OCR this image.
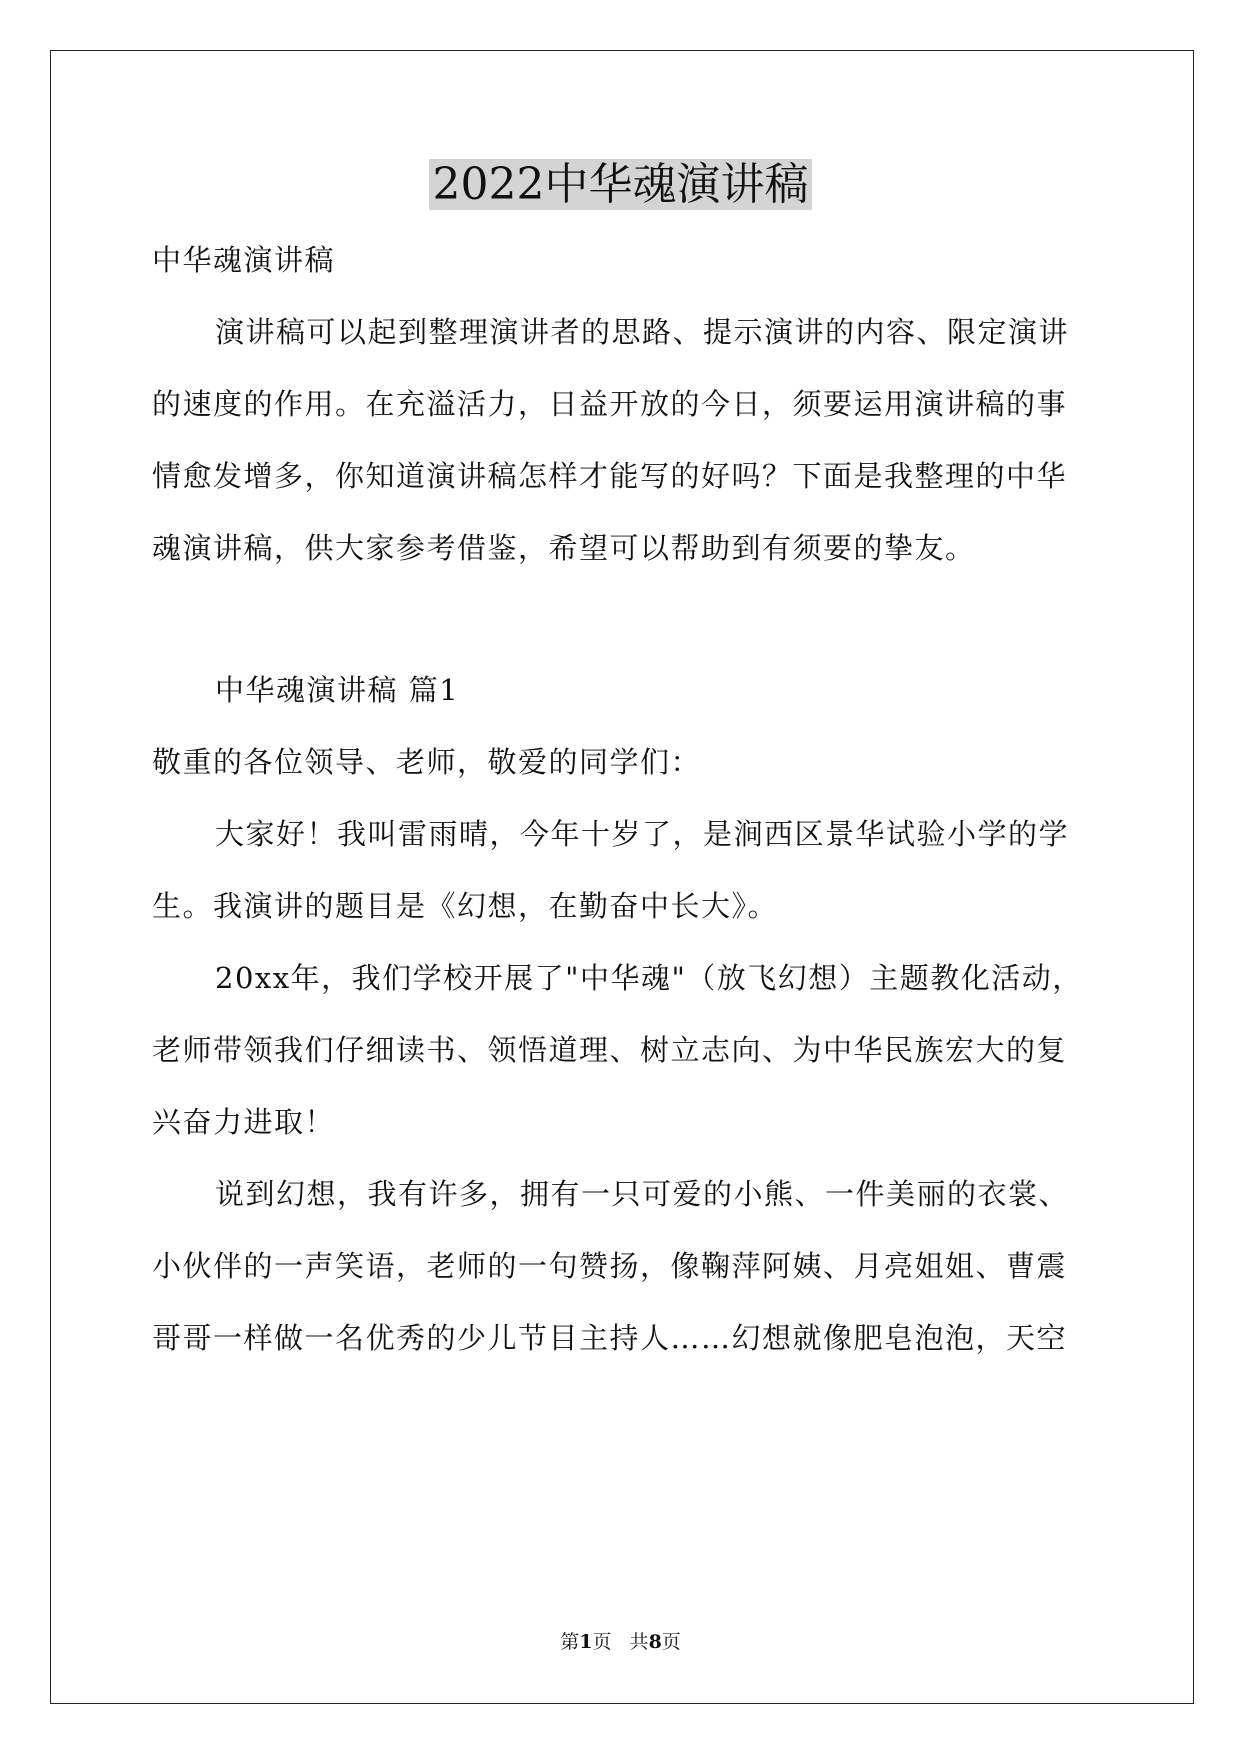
2022中华魂演讲稿
中华魂演讲稿
演讲稿可以起到整理演讲者的思路、提示演讲的内容、限定演讲
的速度的作用。在充溢活力，日益开放的今日，须要运用演讲稿的事
情愈发增多，你知道演讲稿怎样才能写的好吗？下面是我整理的中华
魂演讲稿，供大家参考借鉴，希望可以帮助到有须要的挚友。
中华魂演讲稿 篇1
敬重的各位领导、老师，敬爱的同学们：
大家好！我叫雷雨晴，今年十岁了，是涧西区景华试验小学的学
生。我演讲的题目是《幻想，在勤奋中长大》。
20xx年，我们学校开展了"中华魂"（放飞幻想）主题教化活动，
老师带领我们仔细读书、领悟道理、树立志向、为中华民族宏大的复
兴奋力进取！
说到幻想，我有许多，拥有一只可爱的小熊、一件美丽的衣裳、
小伙伴的一声笑语，老师的一句赞扬，像鞠萍阿姨、月亮姐姐、曹震
哥哥一样做一名优秀的少儿节目主持人……幻想就像肥皂泡泡，天空
第1页   共8页
